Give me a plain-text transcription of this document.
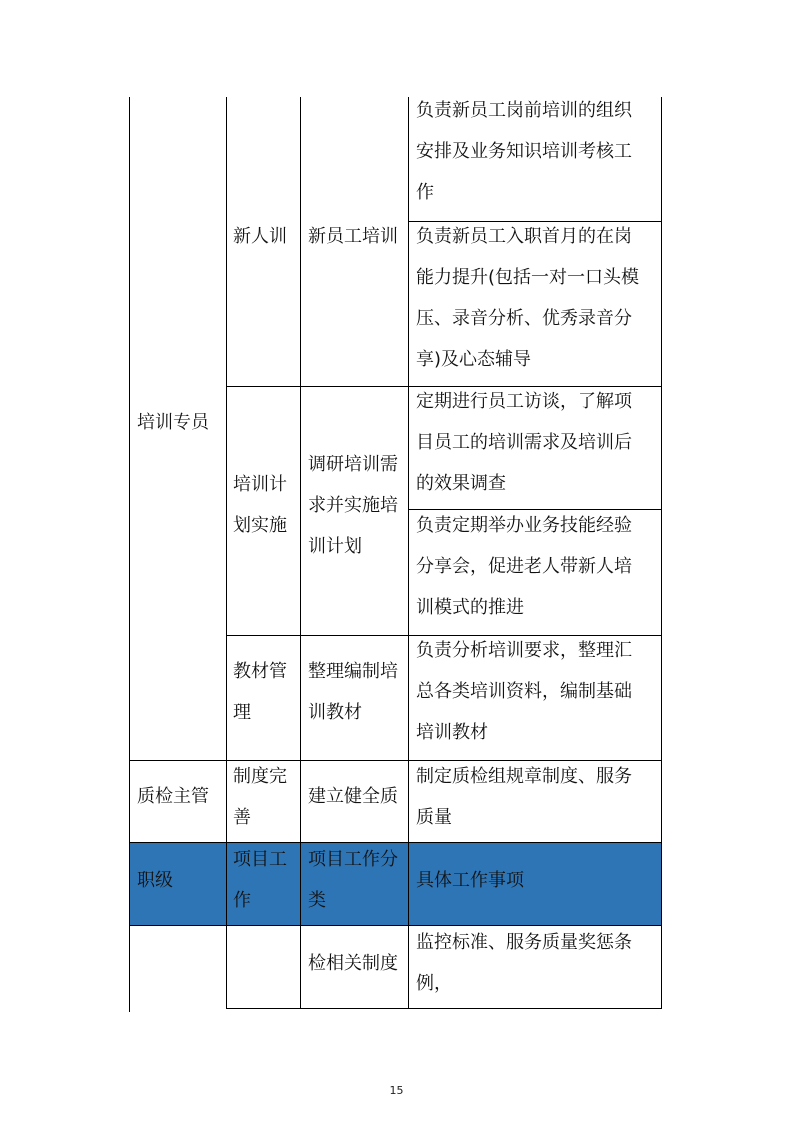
培训专员
新人训	新员工培训
负责新员工岗前培训的组织
安排及业务知识培训考核工
作
负责新员工入职首月的在岗
能力提升(包括一对一口头模
压、录音分析、优秀录音分
享)及心态辅导
培训计
划实施
调研培训需
求并实施培
训计划
定期进行员工访谈，了解项
目员工的培训需求及培训后
的效果调查
负责定期举办业务技能经验
分享会，促进老人带新人培
训模式的推进
教材管
理
整理编制培
训教材
负责分析培训要求，整理汇
总各类培训资料，编制基础
培训教材
质检主管
制度完
善
建立健全质
制定质检组规章制度、服务
质量
职级
项目工
作
项目工作分
类
具体工作事项
检相关制度
监控标准、服务质量奖惩条
例，
15
